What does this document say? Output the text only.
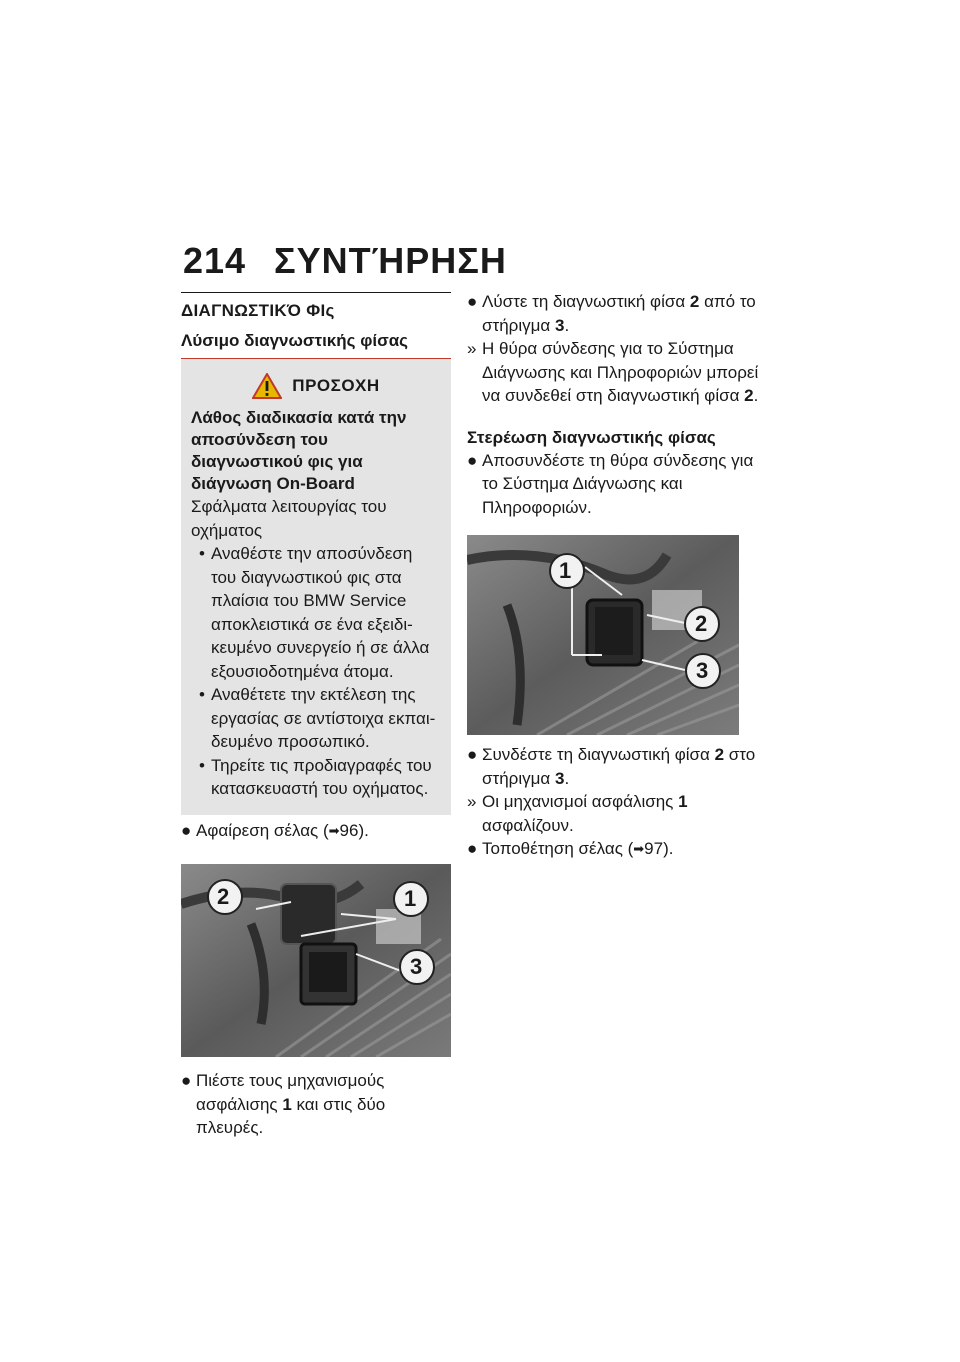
214 ΣΥΝΤΉΡΗΣΗ
ΔΙΑΓΝΩΣΤΙΚΌ ΦΙς
Λύσιμο διαγνωστικής φίσας
ΠΡΟΣΟΧΗ
Λάθος διαδικασία κατά την αποσύνδεση του διαγνωστικού φις για διάγνωση On-Board
Σφάλματα λειτουργίας του οχήματος
• Αναθέστε την αποσύνδεση του διαγνωστικού φις στα πλαίσια του BMW Service αποκλειστικά σε ένα εξειδικευμένο συνεργείο ή σε άλλα εξουσιοδοτημένα άτομα.
• Αναθέτετε την εκτέλεση της εργασίας σε αντίστοιχα εκπαιδευμένο προσωπικό.
• Τηρείτε τις προδιαγραφές του κατασκευαστή του οχήματος.
● Αφαίρεση σέλας (➡96).
2	1
3
● Πιέστε τους μηχανισμούς ασφάλισης 1 και στις δύο πλευρές.
● Λύστε τη διαγνωστική φίσα 2 από το στήριγμα 3.
» Η θύρα σύνδεσης για το Σύστημα Διάγνωσης και Πληροφοριών μπορεί να συνδεθεί στη διαγνωστική φίσα 2.
Στερέωση διαγνωστικής φίσας
● Αποσυνδέστε τη θύρα σύνδεσης για το Σύστημα Διάγνωσης και Πληροφοριών.
1
2
3
● Συνδέστε τη διαγνωστική φίσα 2 στο στήριγμα 3.
» Οι μηχανισμοί ασφάλισης 1 ασφαλίζουν.
● Τοποθέτηση σέλας (➡97).
